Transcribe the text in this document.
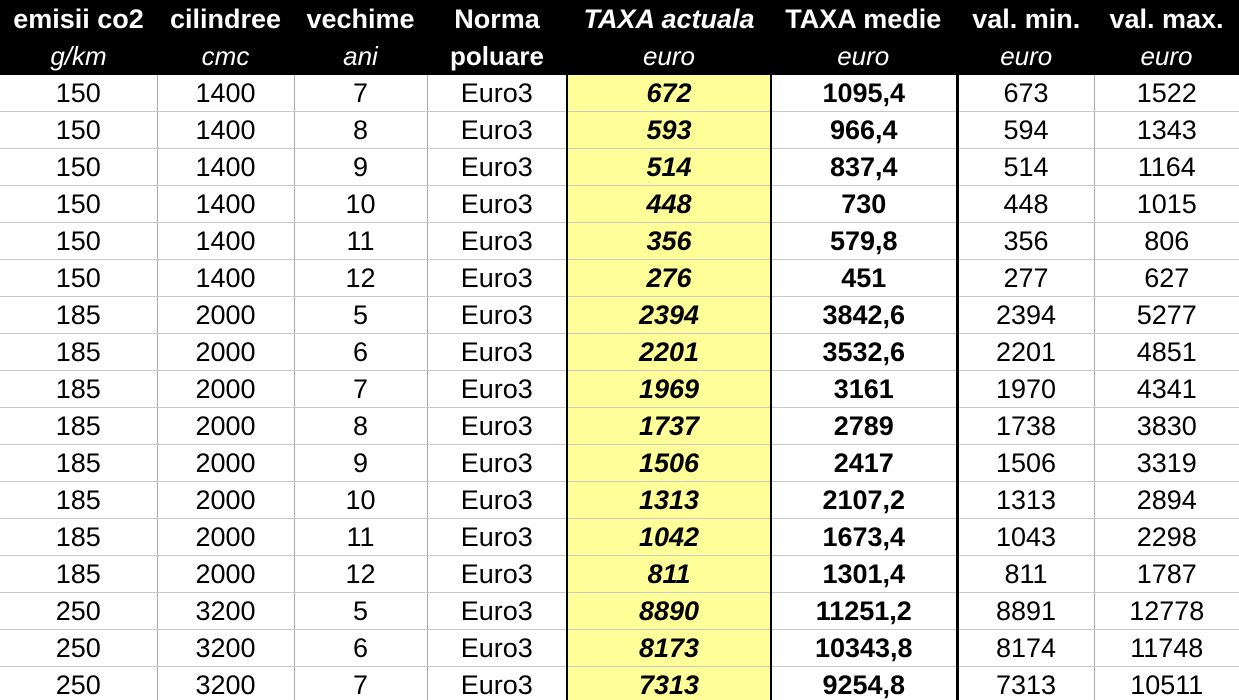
emisii co2	cilindree	vechime	Norma	TAXA actuala	TAXA medie	val. min.	val. max.
g/km	cmc	ani	poluare	euro	euro	euro	euro
150	1400	7	Euro3	672	1095,4	673	1522
150	1400	8	Euro3	593	966,4	594	1343
150	1400	9	Euro3	514	837,4	514	1164
150	1400	10	Euro3	448	730	448	1015
150	1400	11	Euro3	356	579,8	356	806
150	1400	12	Euro3	276	451	277	627
185	2000	5	Euro3	2394	3842,6	2394	5277
185	2000	6	Euro3	2201	3532,6	2201	4851
185	2000	7	Euro3	1969	3161	1970	4341
185	2000	8	Euro3	1737	2789	1738	3830
185	2000	9	Euro3	1506	2417	1506	3319
185	2000	10	Euro3	1313	2107,2	1313	2894
185	2000	11	Euro3	1042	1673,4	1043	2298
185	2000	12	Euro3	811	1301,4	811	1787
250	3200	5	Euro3	8890	11251,2	8891	12778
250	3200	6	Euro3	8173	10343,8	8174	11748
250	3200	7	Euro3	7313	9254,8	7313	10511
